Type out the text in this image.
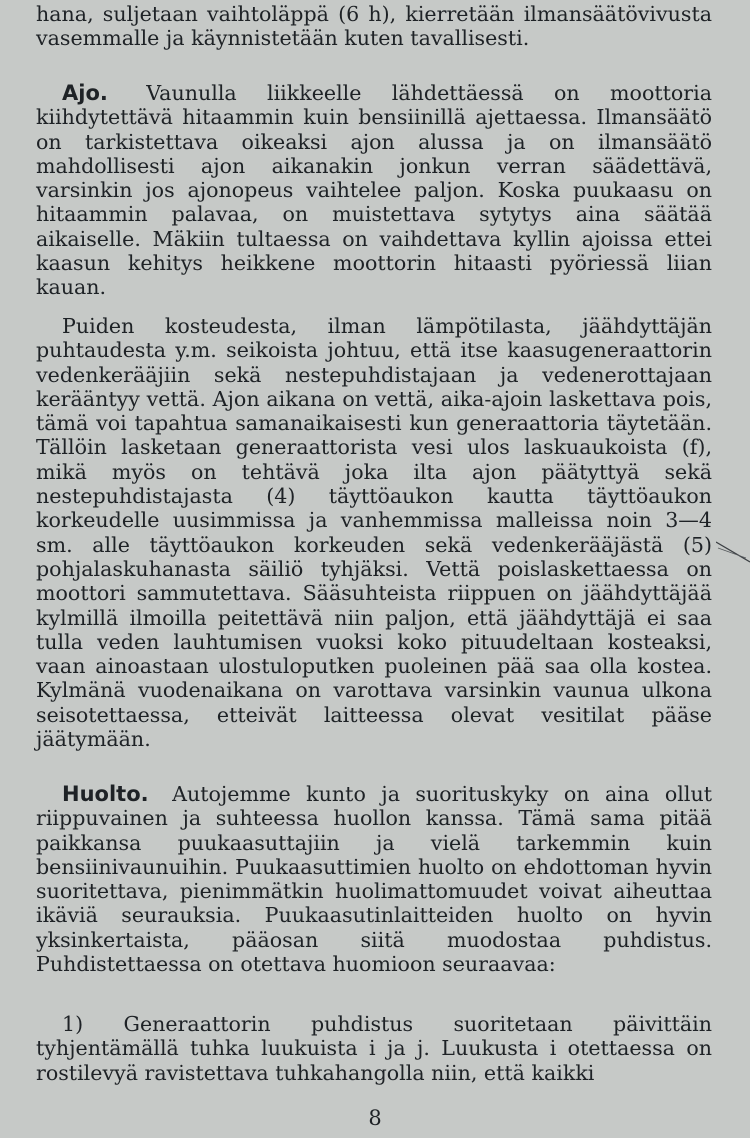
hana, suljetaan vaihtoläppä (6 h), kierretään ilmansäätövivusta vasemmalle ja käynnistetään kuten tavallisesti.

Ajo. Vaunulla liikkeelle lähdettäessä on moottoria kiihdytettävä hitaammin kuin bensiinillä ajettaessa. Ilmansäätö on tarkistettava oikeaksi ajon alussa ja on ilmansäätö mahdollisesti ajon aikanakin jonkun verran säädettävä, varsinkin jos ajonopeus vaihtelee paljon. Koska puukaasu on hitaammin palavaa, on muistettava sytytys aina säätää aikaiselle. Mäkiin tultaessa on vaihdettava kyllin ajoissa ettei kaasun kehitys heikkene moottorin hitaasti pyöriessä liian kauan.

Puiden kosteudesta, ilman lämpötilasta, jäähdyttäjän puhtaudesta y.m. seikoista johtuu, että itse kaasugeneraattorin vedenkerääjiin sekä nestepuhdistajaan ja vedenerottajaan kerääntyy vettä. Ajon aikana on vettä, aika-ajoin laskettava pois, tämä voi tapahtua samanaikaisesti kun generaattoria täytetään. Tällöin lasketaan generaattorista vesi ulos laskuaukoista (f), mikä myös on tehtävä joka ilta ajon päätyttyä sekä nestepuhdistajasta (4) täyttöaukon kautta täyttöaukon korkeudelle uusimmissa ja vanhemmissa malleissa noin 3—4 sm. alle täyttöaukon korkeuden sekä vedenkerääjästä (5) pohjalaskuhanasta säiliö tyhjäksi. Vettä poislaskettaessa on moottori sammutettava. Sääsuhteista riippuen on jäähdyttäjää kylmillä ilmoilla peitettävä niin paljon, että jäähdyttäjä ei saa tulla veden lauhtumisen vuoksi koko pituudeltaan kosteaksi, vaan ainoastaan ulostuloputken puoleinen pää saa olla kostea. Kylmänä vuodenaikana on varottava varsinkin vaunua ulkona seisotettaessa, etteivät laitteessa olevat vesitilat pääse jäätymään.

Huolto. Autojemme kunto ja suorituskyky on aina ollut riippuvainen ja suhteessa huollon kanssa. Tämä sama pitää paikkansa puukaasuttajiin ja vielä tarkemmin kuin bensiinivaunuihin. Puukaasuttimien huolto on ehdottoman hyvin suoritettava, pienimmätkin huolimattomuudet voivat aiheuttaa ikäviä seurauksia. Puukaasutinlaitteiden huolto on hyvin yksinkertaista, pääosan siitä muodostaa puhdistus. Puhdistettaessa on otettava huomioon seuraavaa:

1) Generaattorin puhdistus suoritetaan päivittäin tyhjentämällä tuhka luukuista i ja j. Luukusta i otettaessa on rostilevyä ravistettava tuhkahangolla niin, että kaikki

8
